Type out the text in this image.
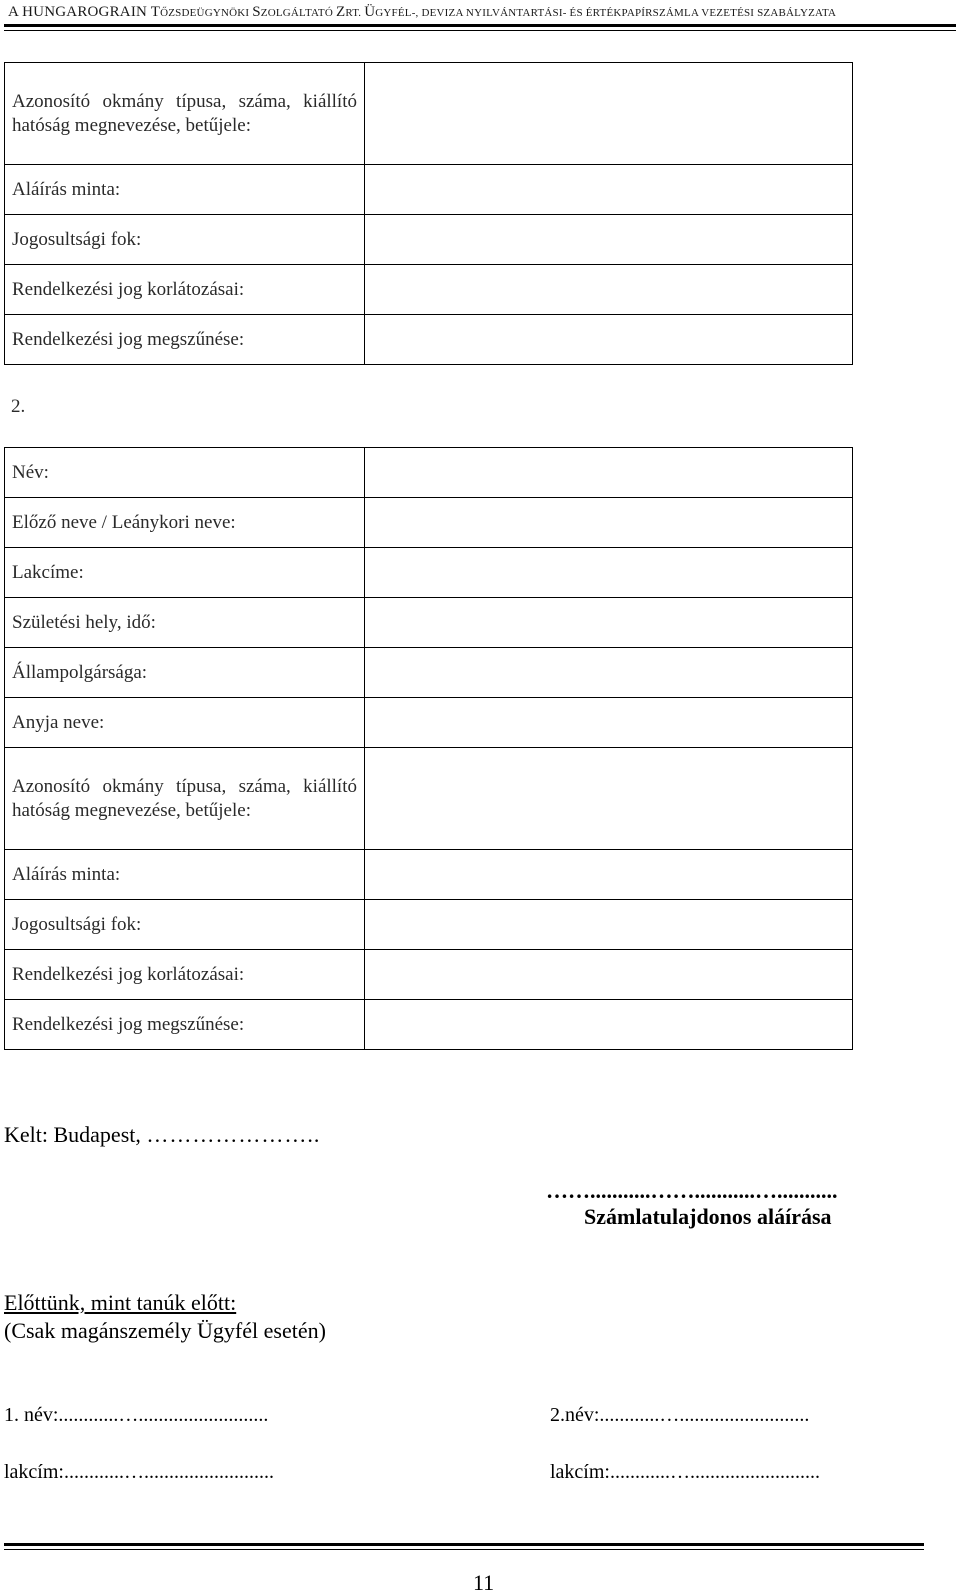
A HUNGAROGRAIN TŐZSDEÜGYNÖKI SZOLGÁLTATÓ ZRT. ÜGYFÉL-, DEVIZA NYILVÁNTARTÁSI- ÉS ÉRTÉKPAPÍRSZÁMLA VEZETÉSI SZABÁLYZATA
Azonosító okmány típusa, száma, kiállító hatóság megnevezése, betűjele:	
Aláírás minta:	
Jogosultsági fok:	
Rendelkezési jog korlátozásai:	
Rendelkezési jog megszűnése:	
2.
Név:	
Előző neve / Leánykori neve:	
Lakcíme:	
Születési hely, idő:	
Állampolgársága:	
Anyja neve:	
Azonosító okmány típusa, száma, kiállító hatóság megnevezése, betűjele:	
Aláírás minta:	
Jogosultsági fok:	
Rendelkezési jog korlátozásai:	
Rendelkezési jog megszűnése:	
Kelt: Budapest, …………………..
……...........……...........…...........
Számlatulajdonos aláírása
Előttünk, mint tanúk előtt:
(Csak magánszemély Ügyfél esetén)
1. név:............…..........................
lakcím:............…..........................
2.név:............…..........................
lakcím:............…..........................
11
